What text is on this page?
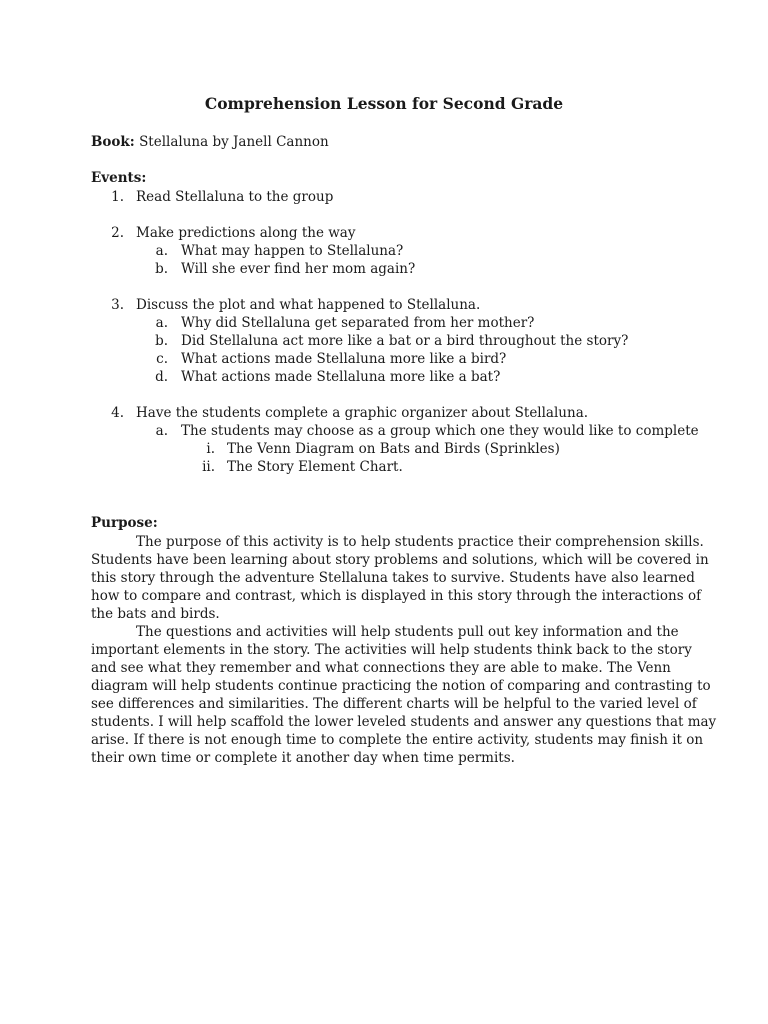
Comprehension Lesson for Second Grade

Book: Stellaluna by Janell Cannon

Events:

1. Read Stellaluna to the group
2. Make predictions along the way
a. What may happen to Stellaluna?
b. Will she ever find her mom again?
3. Discuss the plot and what happened to Stellaluna.
a. Why did Stellaluna get separated from her mother?
b. Did Stellaluna act more like a bat or a bird throughout the story?
c. What actions made Stellaluna more like a bird?
d. What actions made Stellaluna more like a bat?
4. Have the students complete a graphic organizer about Stellaluna.
a. The students may choose as a group which one they would like to complete
i. The Venn Diagram on Bats and Birds (Sprinkles)
ii. The Story Element Chart.

Purpose:

The purpose of this activity is to help students practice their comprehension skills.
Students have been learning about story problems and solutions, which will be covered in
this story through the adventure Stellaluna takes to survive. Students have also learned
how to compare and contrast, which is displayed in this story through the interactions of
the bats and birds.
The questions and activities will help students pull out key information and the
important elements in the story. The activities will help students think back to the story
and see what they remember and what connections they are able to make. The Venn
diagram will help students continue practicing the notion of comparing and contrasting to
see differences and similarities. The different charts will be helpful to the varied level of
students. I will help scaffold the lower leveled students and answer any questions that may
arise. If there is not enough time to complete the entire activity, students may finish it on
their own time or complete it another day when time permits.
